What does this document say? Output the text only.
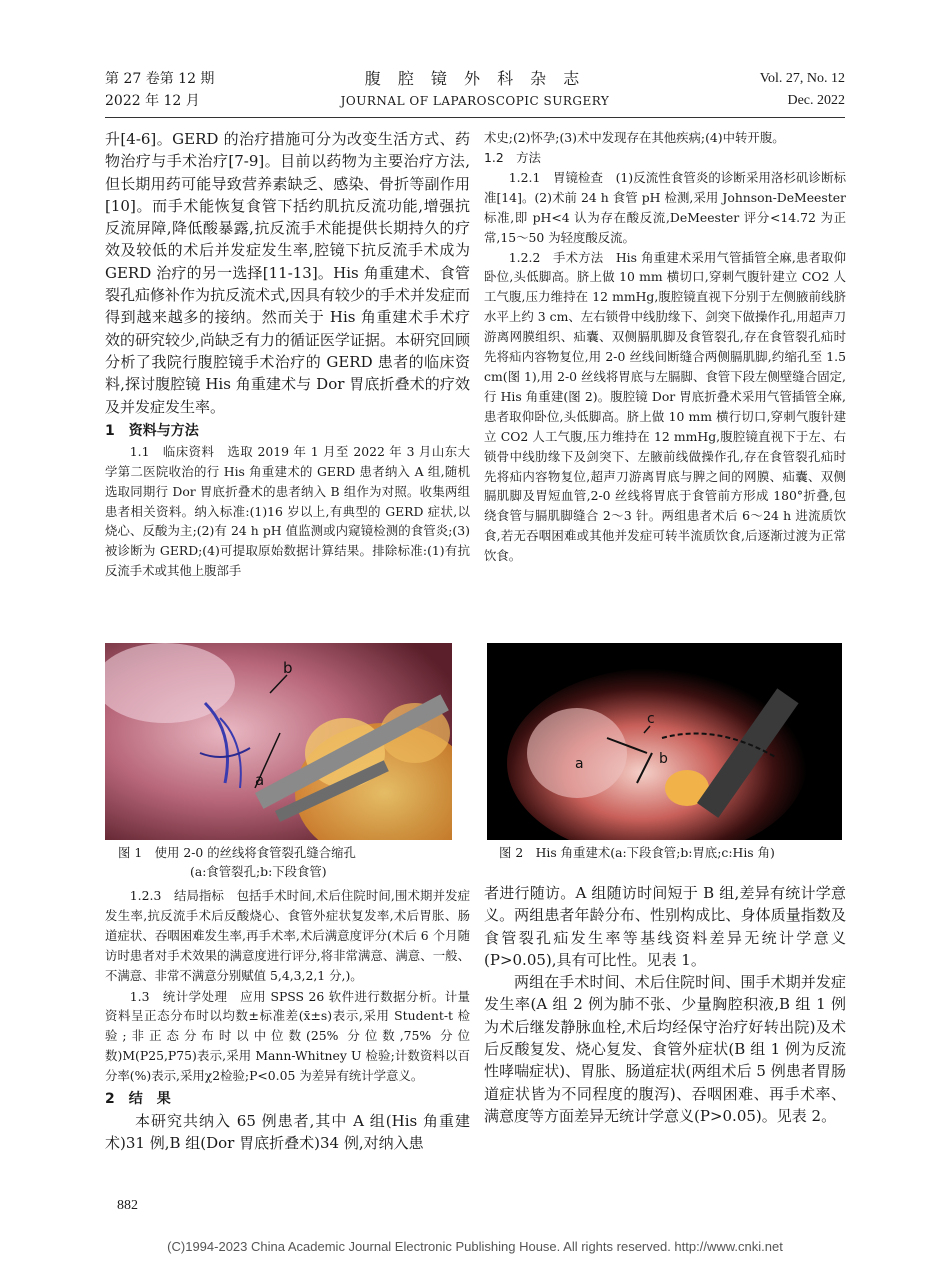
第 27 卷第 12 期
2022 年 12 月
腹 腔 镜 外 科 杂 志
JOURNAL OF LAPAROSCOPIC SURGERY
Vol. 27, No. 12
Dec. 2022

升[4-6]。GERD 的治疗措施可分为改变生活方式、药物治疗与手术治疗[7-9]。目前以药物为主要治疗方法,但长期用药可能导致营养素缺乏、感染、骨折等副作用[10]。而手术能恢复食管下括约肌抗反流功能,增强抗反流屏障,降低酸暴露,抗反流手术能提供长期持久的疗效及较低的术后并发症发生率,腔镜下抗反流手术成为 GERD 治疗的另一选择[11-13]。His 角重建术、食管裂孔疝修补作为抗反流术式,因具有较少的手术并发症而得到越来越多的接纳。然而关于 His 角重建术手术疗效的研究较少,尚缺乏有力的循证医学证据。本研究回顾分析了我院行腹腔镜手术治疗的 GERD 患者的临床资料,探讨腹腔镜 His 角重建术与 Dor 胃底折叠术的疗效及并发症发生率。

1　资料与方法

1.1　临床资料　选取 2019 年 1 月至 2022 年 3 月山东大学第二医院收治的行 His 角重建术的 GERD 患者纳入 A 组,随机选取同期行 Dor 胃底折叠术的患者纳入 B 组作为对照。收集两组患者相关资料。纳入标准:(1)16 岁以上,有典型的 GERD 症状,以烧心、反酸为主;(2)有 24 h pH 值监测或内窥镜检测的食管炎;(3)被诊断为 GERD;(4)可提取原始数据计算结果。排除标准:(1)有抗反流手术或其他上腹部手

a
b
图 1　使用 2-0 的丝线将食管裂孔缝合缩孔
(a:食管裂孔;b:下段食管)

1.2.3　结局指标　包括手术时间,术后住院时间,围术期并发症发生率,抗反流手术后反酸烧心、食管外症状复发率,术后胃胀、肠道症状、吞咽困难发生率,再手术率,术后满意度评分(术后 6 个月随访时患者对手术效果的满意度进行评分,将非常满意、满意、一般、不满意、非常不满意分别赋值 5,4,3,2,1 分,)。

1.3　统计学处理　应用 SPSS 26 软件进行数据分析。计量资料呈正态分布时以均数±标准差(x̄±s)表示,采用 Student-t 检验;非正态分布时以中位数(25% 分位数,75% 分位数)M(P25,P75)表示,采用 Mann-Whitney U 检验;计数资料以百分率(%)表示,采用χ2检验;P<0.05 为差异有统计学意义。

2　结　果

本研究共纳入 65 例患者,其中 A 组(His 角重建术)31 例,B 组(Dor 胃底折叠术)34 例,对纳入患

术史;(2)怀孕;(3)术中发现存在其他疾病;(4)中转开腹。

1.2　方法

1.2.1　胃镜检查　(1)反流性食管炎的诊断采用洛杉矶诊断标准[14]。(2)术前 24 h 食管 pH 检测,采用 Johnson-DeMeester 标准,即 pH<4 认为存在酸反流,DeMeester 评分<14.72 为正常,15～50 为轻度酸反流。

1.2.2　手术方法　His 角重建术采用气管插管全麻,患者取仰卧位,头低脚高。脐上做 10 mm 横切口,穿刺气腹针建立 CO2 人工气腹,压力维持在 12 mmHg,腹腔镜直视下分别于左侧腋前线脐水平上约 3 cm、左右锁骨中线肋缘下、剑突下做操作孔,用超声刀游离网膜组织、疝囊、双侧膈肌脚及食管裂孔,存在食管裂孔疝时先将疝内容物复位,用 2-0 丝线间断缝合两侧膈肌脚,约缩孔至 1.5 cm(图 1),用 2-0 丝线将胃底与左膈脚、食管下段左侧壁缝合固定,行 His 角重建(图 2)。腹腔镜 Dor 胃底折叠术采用气管插管全麻,患者取仰卧位,头低脚高。脐上做 10 mm 横行切口,穿刺气腹针建立 CO2 人工气腹,压力维持在 12 mmHg,腹腔镜直视下于左、右锁骨中线肋缘下及剑突下、左腋前线做操作孔,存在食管裂孔疝时先将疝内容物复位,超声刀游离胃底与脾之间的网膜、疝囊、双侧膈肌脚及胃短血管,2-0 丝线将胃底于食管前方形成 180°折叠,包绕食管与膈肌脚缝合 2～3 针。两组患者术后 6～24 h 进流质饮食,若无吞咽困难或其他并发症可转半流质饮食,后逐渐过渡为正常饮食。

a	b
c
图 2　His 角重建术(a:下段食管;b:胃底;c:His 角)

者进行随访。A 组随访时间短于 B 组,差异有统计学意义。两组患者年龄分布、性别构成比、身体质量指数及食管裂孔疝发生率等基线资料差异无统计学意义(P>0.05),具有可比性。见表 1。

两组在手术时间、术后住院时间、围手术期并发症发生率(A 组 2 例为肺不张、少量胸腔积液,B 组 1 例为术后继发静脉血栓,术后均经保守治疗好转出院)及术后反酸复发、烧心复发、食管外症状(B 组 1 例为反流性哮喘症状)、胃胀、肠道症状(两组术后 5 例患者胃肠道症状皆为不同程度的腹泻)、吞咽困难、再手术率、满意度等方面差异无统计学意义(P>0.05)。见表 2。

882
(C)1994-2023 China Academic Journal Electronic Publishing House. All rights reserved. http://www.cnki.net
